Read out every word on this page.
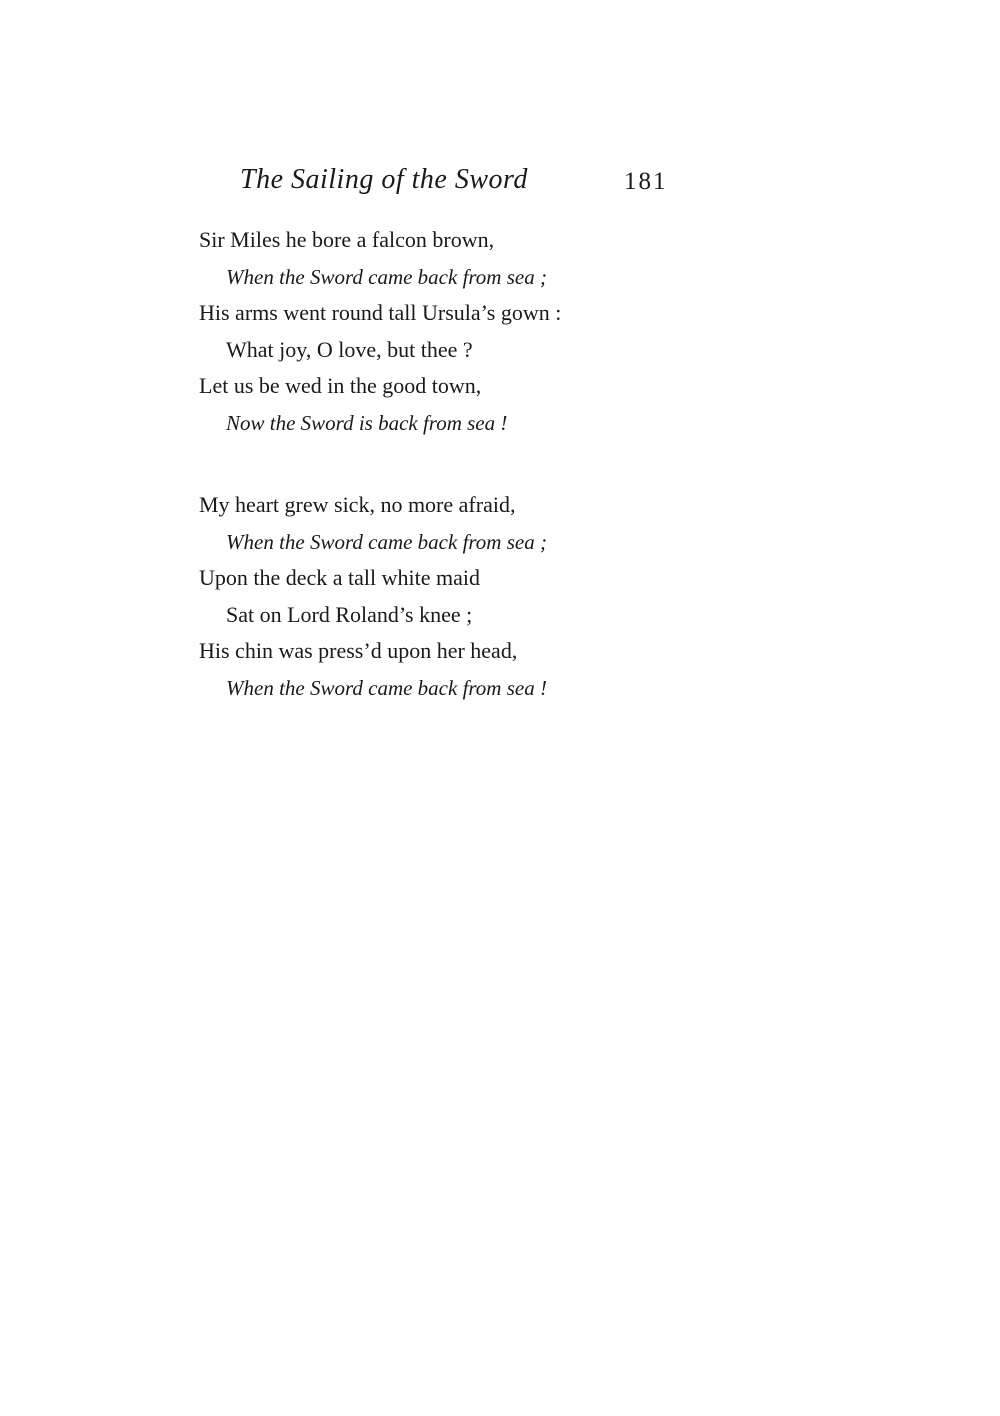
The Sailing of the Sword	181
Sir Miles he bore a falcon brown,
When the Sword came back from sea ;
His arms went round tall Ursula’s gown :
What joy, O love, but thee ?
Let us be wed in the good town,
Now the Sword is back from sea !
My heart grew sick, no more afraid,
When the Sword came back from sea ;
Upon the deck a tall white maid
Sat on Lord Roland’s knee ;
His chin was press’d upon her head,
When the Sword came back from sea !
